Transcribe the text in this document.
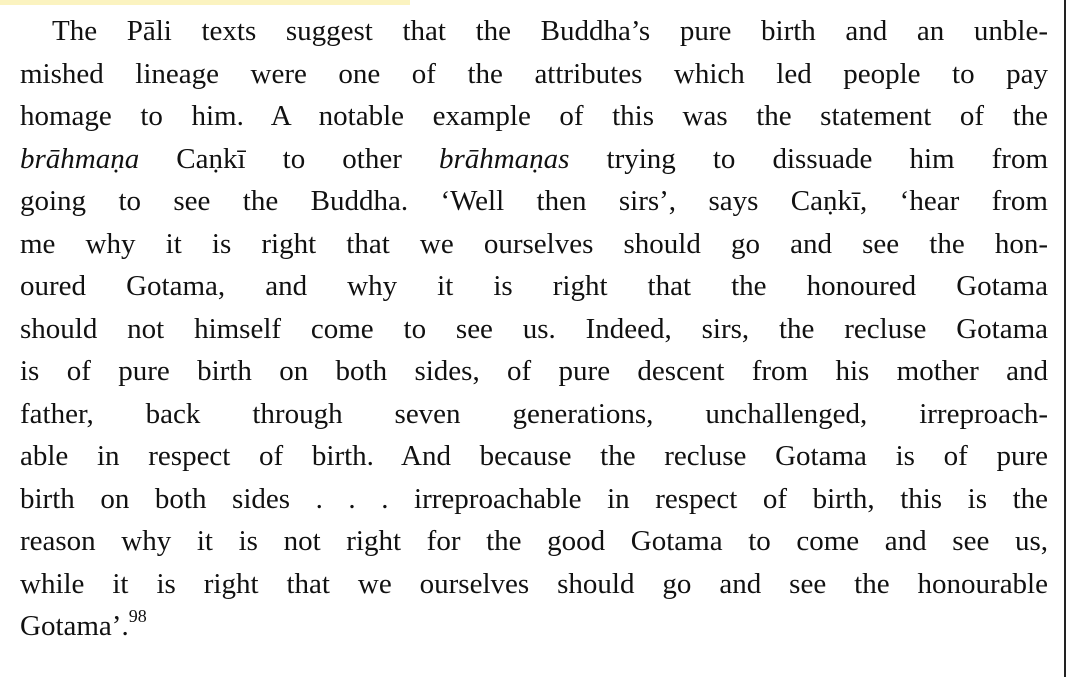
The Pāli texts suggest that the Buddha’s pure birth and an unble-
mished lineage were one of the attributes which led people to pay
homage to him. A notable example of this was the statement of the
brāhmaṇa Caṇkī to other brāhmaṇas trying to dissuade him from
going to see the Buddha. ‘Well then sirs’, says Caṇkī, ‘hear from
me why it is right that we ourselves should go and see the hon-
oured Gotama, and why it is right that the honoured Gotama
should not himself come to see us. Indeed, sirs, the recluse Gotama
is of pure birth on both sides, of pure descent from his mother and
father, back through seven generations, unchallenged, irreproach-
able in respect of birth. And because the recluse Gotama is of pure
birth on both sides . . . irreproachable in respect of birth, this is the
reason why it is not right for the good Gotama to come and see us,
while it is right that we ourselves should go and see the honourable
Gotama’.$^{98}$
